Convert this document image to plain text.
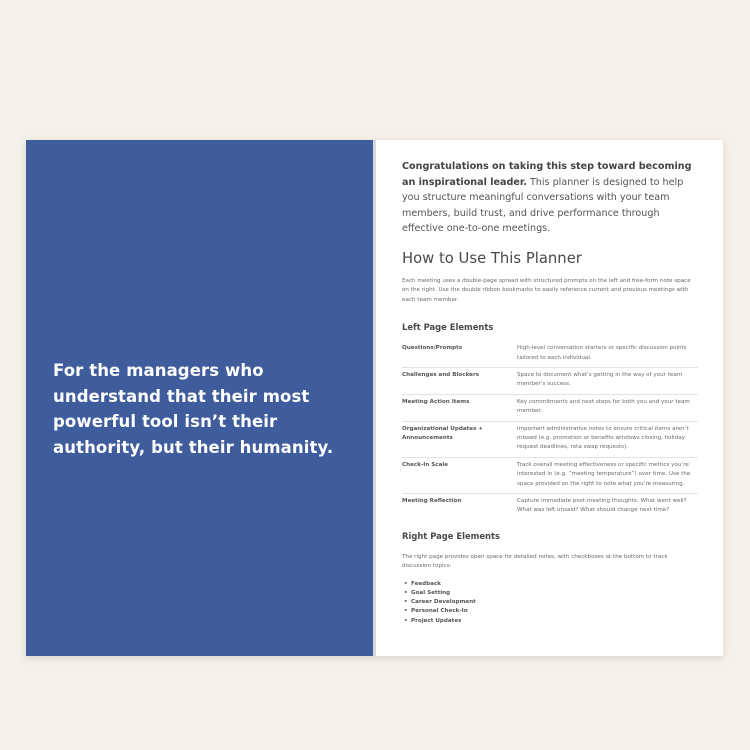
For the managers who understand that their most powerful tool isn’t their authority, but their humanity.

Congratulations on taking this step toward becoming an inspirational leader. This planner is designed to help you structure meaningful conversations with your team members, build trust, and drive performance through effective one-to-one meetings.

How to Use This Planner

Each meeting uses a double-page spread with structured prompts on the left and free-form note space on the right. Use the double ribbon bookmarks to easily reference current and previous meetings with each team member.

Left Page Elements
Questions/Prompts	High-level conversation starters or specific discussion points tailored to each individual.
Challenges and Blockers	Space to document what’s getting in the way of your team member’s success.
Meeting Action Items	Key commitments and next steps for both you and your team member.
Organizational Updates + Announcements	Important administrative notes to ensure critical items aren’t missed (e.g. promotion or benefits windows closing, holiday request deadlines, rota swap requests).
Check-In Scale	Track overall meeting effectiveness or specific metrics you’re interested in (e.g. “meeting temperature”) over time. Use the space provided on the right to note what you’re measuring.
Meeting Reflection	Capture immediate post-meeting thoughts: What went well? What was left unsaid? What should change next time?
Right Page Elements

The right page provides open space for detailed notes, with checkboxes at the bottom to track discussion topics:

• Feedback
• Goal Setting
• Career Development
• Personal Check-In
• Project Updates
